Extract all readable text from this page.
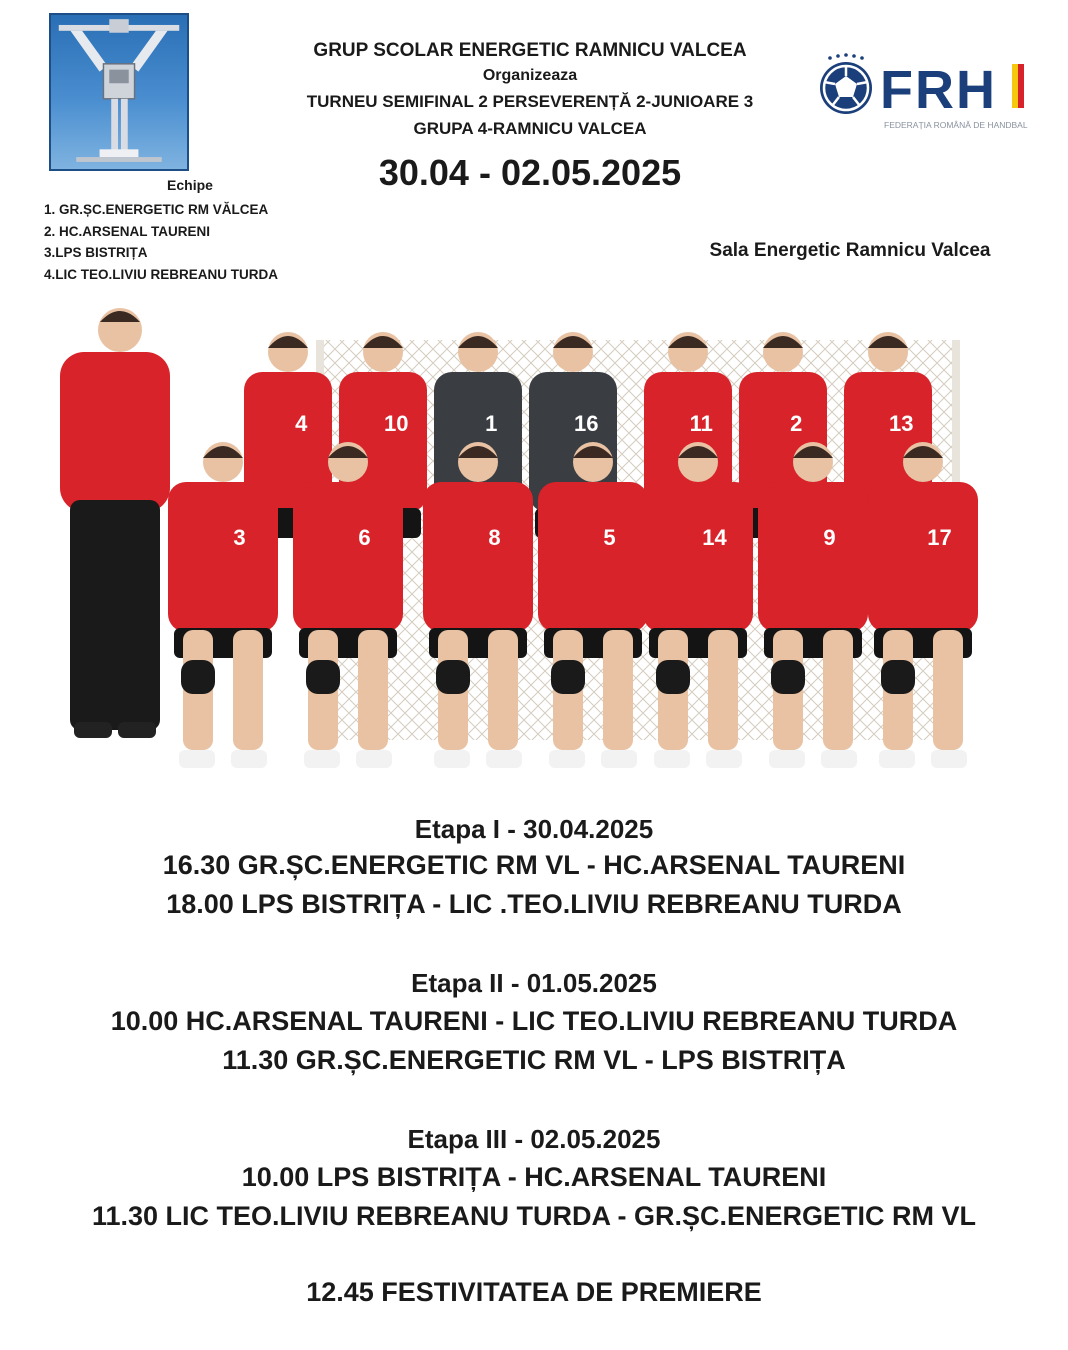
GRUP SCOLAR ENERGETIC RAMNICU VALCEA
Organizeaza
TURNEU SEMIFINAL 2 PERSEVERENȚĂ 2-JUNIOARE 3
GRUPA 4-RAMNICU VALCEA
30.04 - 02.05.2025
FRH
FEDERAȚIA ROMÂNĂ DE HANDBAL
Echipe
1. GR.ȘC.ENERGETIC RM VĂLCEA
2. HC.ARSENAL TAURENI
3.LPS BISTRIȚA
4.LIC TEO.LIVIU REBREANU TURDA
Sala Energetic Ramnicu Valcea
4	10	1	16	11	2	13
3	6	8	5	14	9	17
Etapa I - 30.04.2025
16.30 GR.ȘC.ENERGETIC RM VL - HC.ARSENAL TAURENI
18.00 LPS BISTRIȚA - LIC .TEO.LIVIU REBREANU TURDA
Etapa II - 01.05.2025
10.00 HC.ARSENAL TAURENI - LIC TEO.LIVIU REBREANU TURDA
11.30 GR.ȘC.ENERGETIC RM VL - LPS BISTRIȚA
Etapa III - 02.05.2025
10.00 LPS BISTRIȚA - HC.ARSENAL TAURENI
11.30 LIC TEO.LIVIU REBREANU TURDA - GR.ȘC.ENERGETIC RM VL
12.45 FESTIVITATEA DE PREMIERE
